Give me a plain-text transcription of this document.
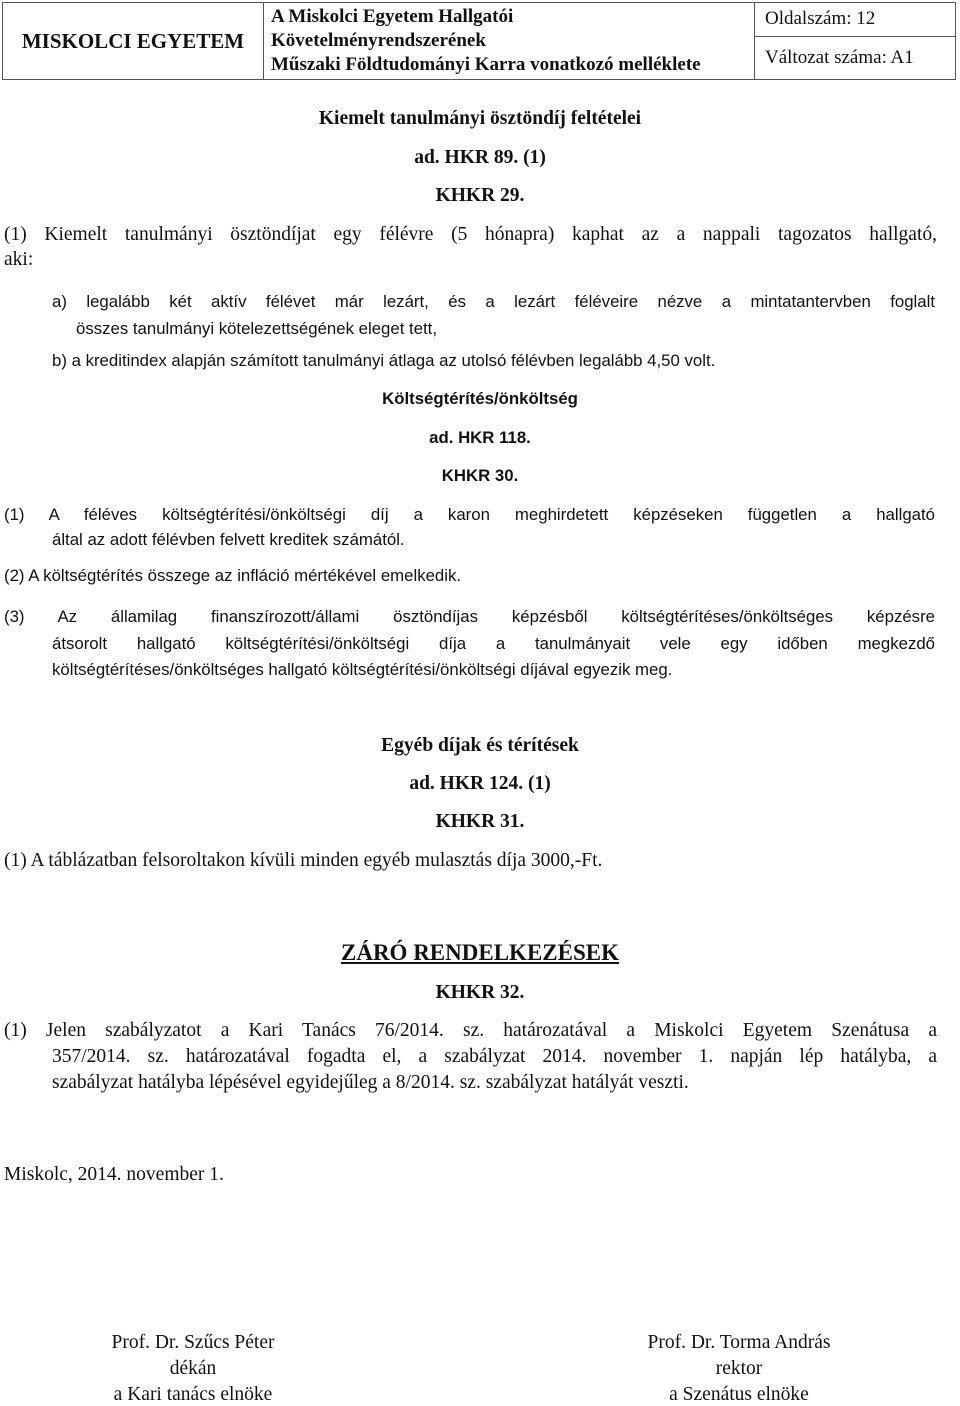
MISKOLCI EGYETEM
A Miskolci Egyetem Hallgatói
Követelményrendszerének
Műszaki Földtudományi Karra vonatkozó melléklete
Oldalszám: 12
Változat száma: A1
Kiemelt tanulmányi ösztöndíj feltételei
ad. HKR 89. (1)
KHKR 29.
(1) Kiemelt tanulmányi ösztöndíjat egy félévre (5 hónapra) kaphat az a nappali tagozatos hallgató,
aki:
a) legalább két aktív félévet már lezárt, és a lezárt féléveire nézve a mintatantervben foglalt
összes tanulmányi kötelezettségének eleget tett,
b) a kreditindex alapján számított tanulmányi átlaga az utolsó félévben legalább 4,50 volt.
Költségtérítés/önköltség
ad. HKR 118.
KHKR 30.
(1) A féléves költségtérítési/önköltségi díj a karon meghirdetett képzéseken független a hallgató
által az adott félévben felvett kreditek számától.
(2) A költségtérítés összege az infláció mértékével emelkedik.
(3) Az államilag finanszírozott/állami ösztöndíjas képzésből költségtérítéses/önköltséges képzésre
átsorolt hallgató költségtérítési/önköltségi díja a tanulmányait vele egy időben megkezdő
költségtérítéses/önköltséges hallgató költségtérítési/önköltségi díjával egyezik meg.
Egyéb díjak és térítések
ad. HKR 124. (1)
KHKR 31.
(1) A táblázatban felsoroltakon kívüli minden egyéb mulasztás díja 3000,-Ft.
ZÁRÓ RENDELKEZÉSEK
KHKR 32.
(1) Jelen szabályzatot a Kari Tanács 76/2014. sz. határozatával a Miskolci Egyetem Szenátusa a
357/2014. sz. határozatával fogadta el, a szabályzat 2014. november 1. napján lép hatályba, a
szabályzat hatályba lépésével egyidejűleg a 8/2014. sz. szabályzat hatályát veszti.
Miskolc, 2014. november 1.
Prof. Dr. Szűcs Péter
dékán
a Kari tanács elnöke
Prof. Dr. Torma András
rektor
a Szenátus elnöke
